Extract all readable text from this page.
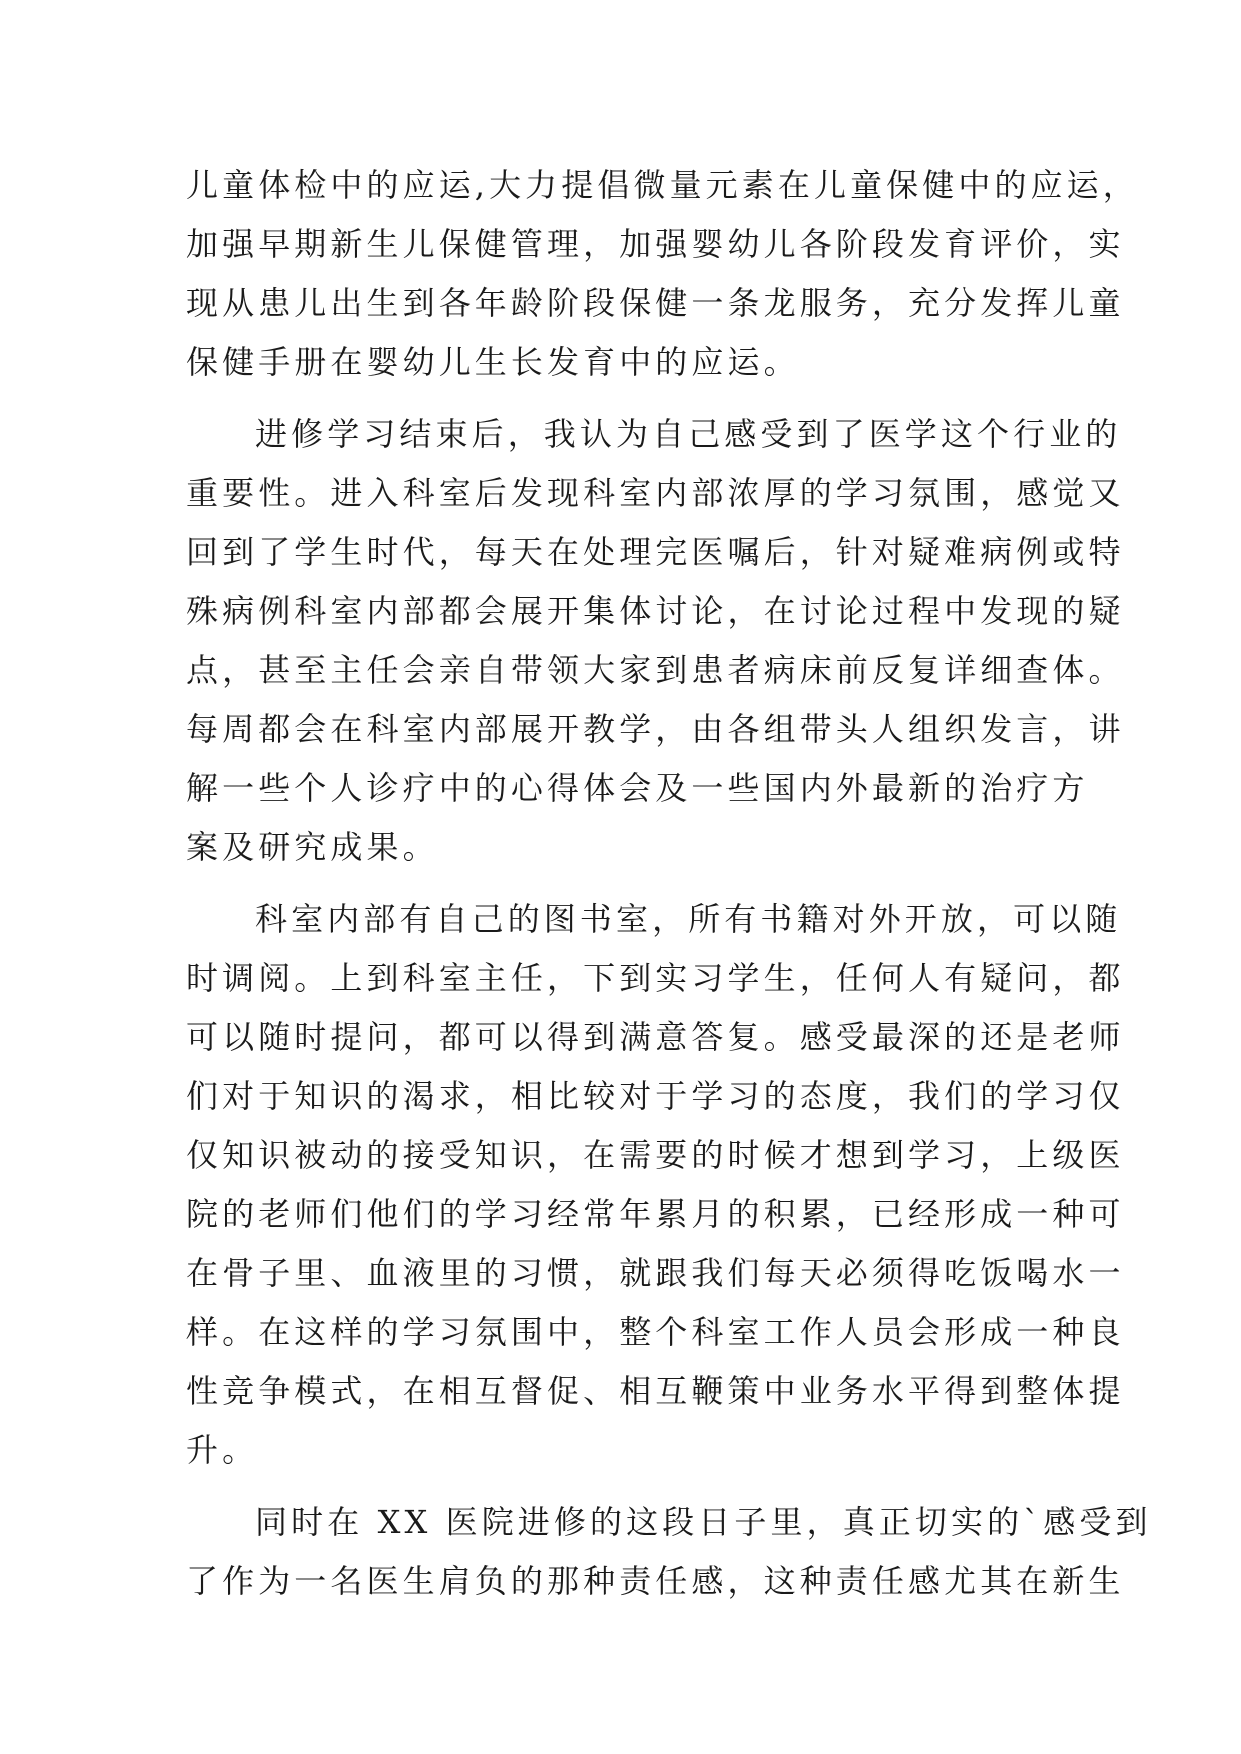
儿童体检中的应运,大力提倡微量元素在儿童保健中的应运，
加强早期新生儿保健管理，加强婴幼儿各阶段发育评价，实
现从患儿出生到各年龄阶段保健一条龙服务，充分发挥儿童
保健手册在婴幼儿生长发育中的应运。
进修学习结束后，我认为自己感受到了医学这个行业的
重要性。进入科室后发现科室内部浓厚的学习氛围，感觉又
回到了学生时代，每天在处理完医嘱后，针对疑难病例或特
殊病例科室内部都会展开集体讨论，在讨论过程中发现的疑
点，甚至主任会亲自带领大家到患者病床前反复详细查体。
每周都会在科室内部展开教学，由各组带头人组织发言，讲
解一些个人诊疗中的心得体会及一些国内外最新的治疗方
案及研究成果。
科室内部有自己的图书室，所有书籍对外开放，可以随
时调阅。上到科室主任，下到实习学生，任何人有疑问，都
可以随时提问，都可以得到满意答复。感受最深的还是老师
们对于知识的渴求，相比较对于学习的态度，我们的学习仅
仅知识被动的接受知识，在需要的时候才想到学习，上级医
院的老师们他们的学习经常年累月的积累，已经形成一种可
在骨子里、血液里的习惯，就跟我们每天必须得吃饭喝水一
样。在这样的学习氛围中，整个科室工作人员会形成一种良
性竞争模式，在相互督促、相互鞭策中业务水平得到整体提
升。
同时在 XX 医院进修的这段日子里，真正切实的`感受到
了作为一名医生肩负的那种责任感，这种责任感尤其在新生
